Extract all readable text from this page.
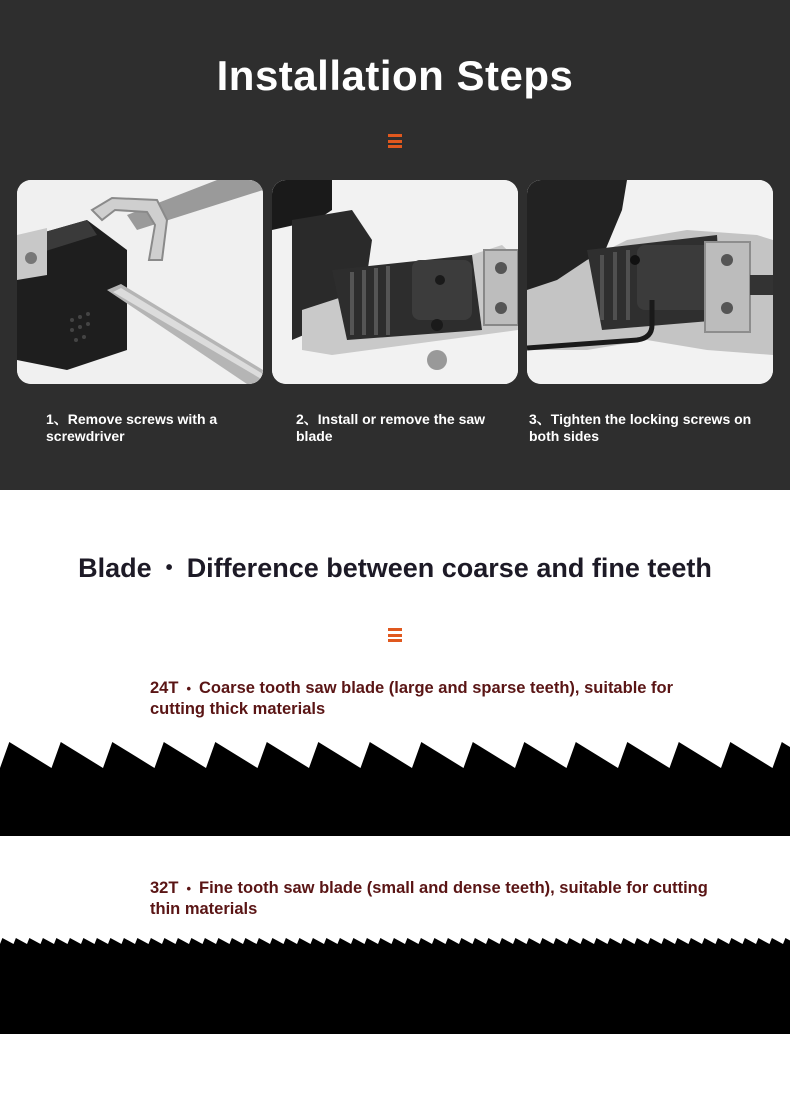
Installation Steps
1、Remove screws with a screwdriver
2、Install or remove the saw blade
3、Tighten the locking screws on both sides
Blade • Difference between coarse and fine teeth
24T • Coarse tooth saw blade (large and sparse teeth), suitable for cutting thick materials
32T • Fine tooth saw blade (small and dense teeth), suitable for cutting thin materials
